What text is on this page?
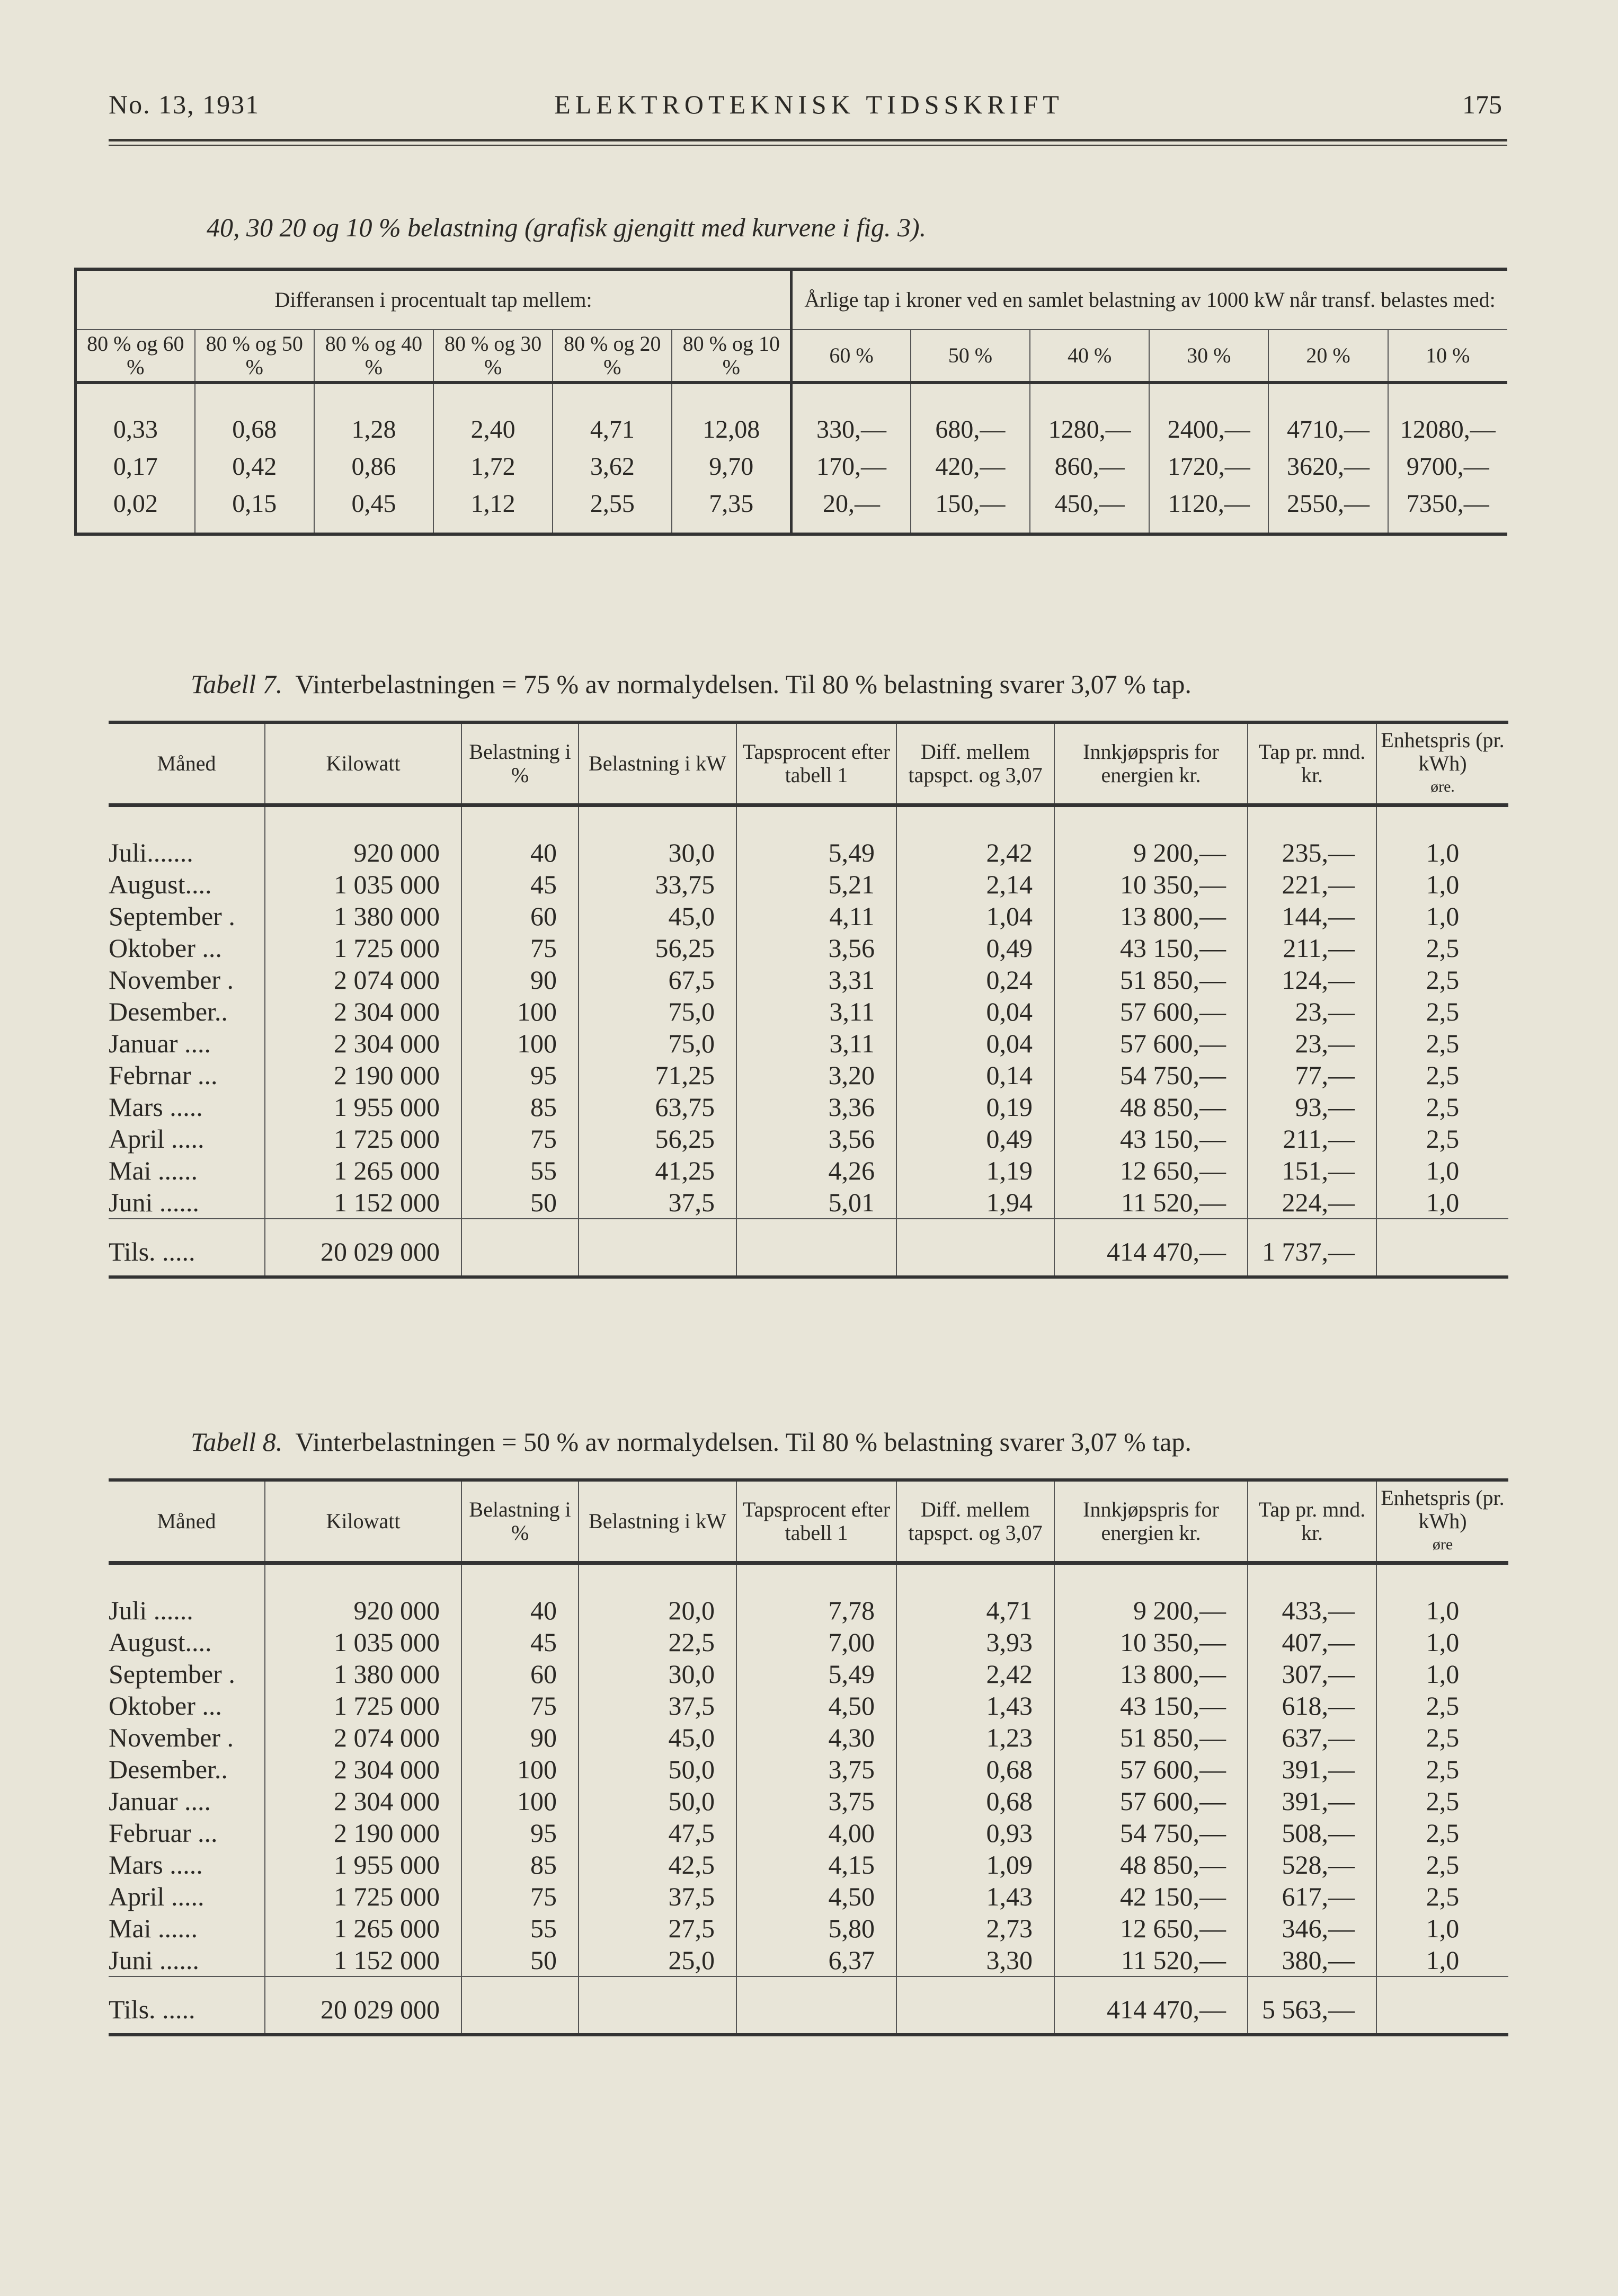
No. 13, 1931	ELEKTROTEKNISK TIDSSKRIFT	175
40, 30 20 og 10 % belastning (grafisk gjengitt med kurvene i fig. 3).
Differansen i procentualt tap mellem:						Årlige tap i kroner ved en samlet belastning av 1000 kW når transf. belastes med:					
80 % og 60 %	80 % og 50 %	80 % og 40 %	80 % og 30 %	80 % og 20 %	80 % og 10 %	60 %	50 %	40 %	30 %	20 %	10 %
0,33	0,68	1,28	2,40	4,71	12,08	330,—	680,—	1280,—	2400,—	4710,—	12080,—
0,17	0,42	0,86	1,72	3,62	9,70	170,—	420,—	860,—	1720,—	3620,—	9700,—
0,02	0,15	0,45	1,12	2,55	7,35	20,—	150,—	450,—	1120,—	2550,—	7350,—
Tabell 7. Vinterbelastningen = 75 % av normalydelsen. Til 80 % belastning svarer 3,07 % tap.
Måned	Kilowatt	Belastning i %	Belastning i kW	Tapsprocent efter tabell 1	Diff. mellem tapspct. og 3,07	Innkjøpspris for energien kr.	Tap pr. mnd. kr.	Enhetspris (pr. kWh)
øre.

Juli.......	920 000	40	30,0	5,49	2,42	9 200,—	235,—	1,0
August....	1 035 000	45	33,75	5,21	2,14	10 350,—	221,—	1,0
September .	1 380 000	60	45,0	4,11	1,04	13 800,—	144,—	1,0
Oktober ...	1 725 000	75	56,25	3,56	0,49	43 150,—	211,—	2,5
November .	2 074 000	90	67,5	3,31	0,24	51 850,—	124,—	2,5
Desember..	2 304 000	100	75,0	3,11	0,04	57 600,—	23,—	2,5
Januar ....	2 304 000	100	75,0	3,11	0,04	57 600,—	23,—	2,5
Febrnar ...	2 190 000	95	71,25	3,20	0,14	54 750,—	77,—	2,5
Mars .....	1 955 000	85	63,75	3,36	0,19	48 850,—	93,—	2,5
April .....	1 725 000	75	56,25	3,56	0,49	43 150,—	211,—	2,5
Mai ......	1 265 000	55	41,25	4,26	1,19	12 650,—	151,—	1,0
Juni ......	1 152 000	50	37,5	5,01	1,94	11 520,—	224,—	1,0
Tils. .....	20 029 000					414 470,—	1 737,—	
Tabell 8. Vinterbelastningen = 50 % av normalydelsen. Til 80 % belastning svarer 3,07 % tap.
Måned	Kilowatt	Belastning i %	Belastning i kW	Tapsprocent efter tabell 1	Diff. mellem tapspct. og 3,07	Innkjøpspris for energien kr.	Tap pr. mnd. kr.	Enhetspris (pr. kWh)
øre

Juli ......	920 000	40	20,0	7,78	4,71	9 200,—	433,—	1,0
August....	1 035 000	45	22,5	7,00	3,93	10 350,—	407,—	1,0
September .	1 380 000	60	30,0	5,49	2,42	13 800,—	307,—	1,0
Oktober ...	1 725 000	75	37,5	4,50	1,43	43 150,—	618,—	2,5
November .	2 074 000	90	45,0	4,30	1,23	51 850,—	637,—	2,5
Desember..	2 304 000	100	50,0	3,75	0,68	57 600,—	391,—	2,5
Januar ....	2 304 000	100	50,0	3,75	0,68	57 600,—	391,—	2,5
Februar ...	2 190 000	95	47,5	4,00	0,93	54 750,—	508,—	2,5
Mars .....	1 955 000	85	42,5	4,15	1,09	48 850,—	528,—	2,5
April .....	1 725 000	75	37,5	4,50	1,43	42 150,—	617,—	2,5
Mai ......	1 265 000	55	27,5	5,80	2,73	12 650,—	346,—	1,0
Juni ......	1 152 000	50	25,0	6,37	3,30	11 520,—	380,—	1,0
Tils. .....	20 029 000					414 470,—	5 563,—	
